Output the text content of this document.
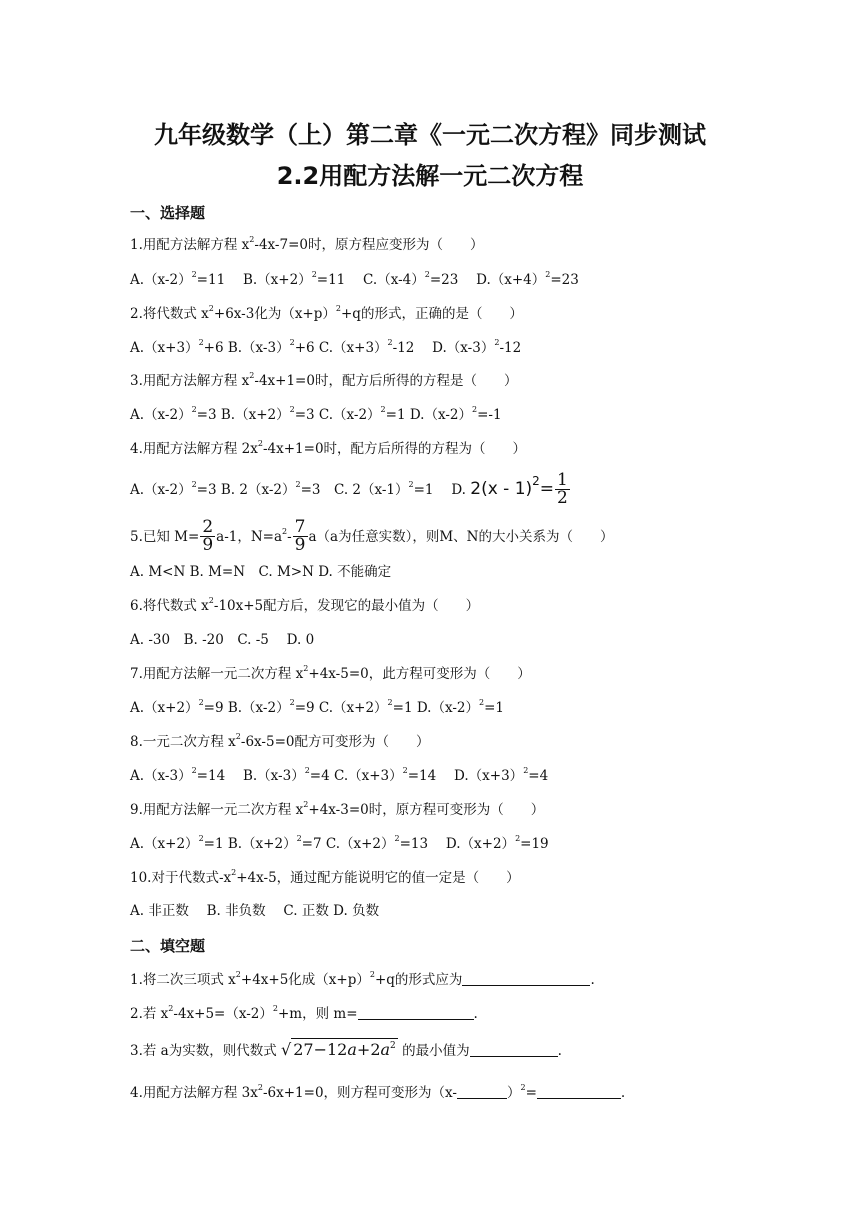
九年级数学（上）第二章《一元二次方程》同步测试
2.2用配方法解一元二次方程
一、选择题
1.用配方法解方程 $x^2-4x-7=0$时，原方程应变形为（　　）
$A.(x-2)^2=11$　 $B.(x+2)^2=11$　 $C.(x-4)^2=23$　 $D.(x+4)^2=23$
2.将代数式 $x^2+6x-3$化为$(x+p)^2+q$的形式，正确的是（　　）
$A.(x+3)^2+6$ $B.(x-3)^2+6$ $C.(x+3)^2-12$　 $D.(x-3)^2-12$
3.用配方法解方程 $x^2-4x+1=0$时，配方后所得的方程是（　　）
$A.(x-2)^2=3$ $B.(x+2)^2=3$ $C.(x-2)^2=1$ $D.(x-2)^2=-1$
4.用配方法解方程 $2x^2-4x+1=0$时，配方后所得的方程为（　　）
$A.(x-2)^2=3$ B. $2(x-2)^2=3$　C. $2(x-1)^2=1$　 D. $2(x - 1)^2= \frac{1}{2}$
5.已知 $M= \frac{2}{9} a-1$，$N=a^2- \frac{7}{9} a(a$为任意实数），则M、N的大小关系为（　　）
A. M<N B. M=N　C. M>N D. 不能确定
6.将代数式 $x^2-10x+5$配方后，发现它的最小值为（　　）
A. -30　B. -20　C. -5　 D. 0
7.用配方法解一元二次方程 $x^2+4x-5=0$，此方程可变形为（　　）
$A.(x+2)^2=9$ $B.(x-2)^2=9$ $C.(x+2)^2=1$ $D.(x-2)^2=1$
8.一元二次方程 $x^2-6x-5=0$配方可变形为（　　）
$A.(x-3)^2=14$　 $B.(x-3)^2=4$ $C.(x+3)^2=14$　 $D.(x+3)^2=4$
9.用配方法解一元二次方程 $x^2+4x-3=0$时，原方程可变形为（　　）
$A.(x+2)^2=1$ $B.(x+2)^2=7$ $C.(x+2)^2=13$　 $D.(x+2)^2=19$
10.对于代数式$-x^2+4x-5$，通过配方能说明它的值一定是（　　）
A. 非正数　 B. 非负数　 C. 正数 D. 负数
二、填空题
1.将二次三项式 $x^2+4x+5$化成$(x+p)^2+q$的形式应为	.
2.若 $x^2-4x+5=(x-2)^2+m$，则 m=	.
3.若 a为实数，则代数式 √ $27-12a+2a^2$ 的最小值为	.
4.用配方法解方程 $3x^2-6x+1=0$，则方程可变形为（x-	）$^2$=	.
